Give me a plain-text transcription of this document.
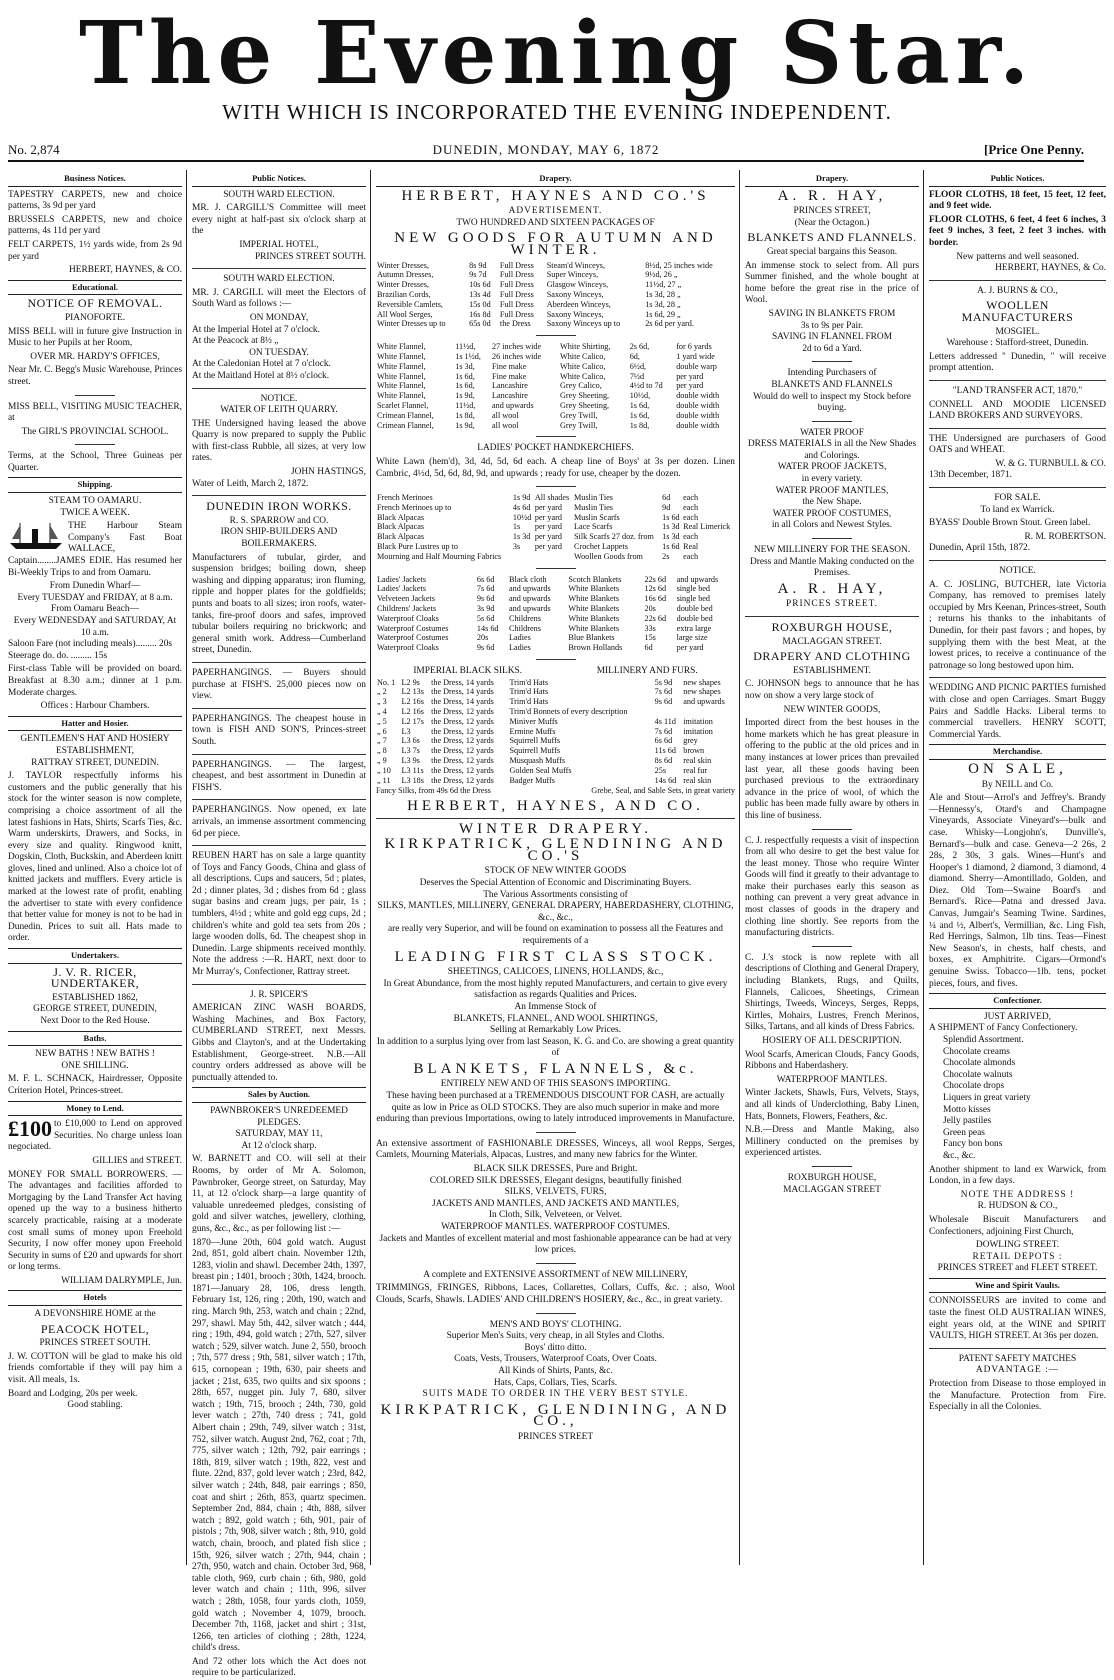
The Evening Star.
WITH WHICH IS INCORPORATED THE EVENING INDEPENDENT.
No. 2,874	DUNEDIN, MONDAY, MAY 6, 1872	[Price One Penny.
Business Notices.

TAPESTRY CARPETS, new and choice patterns, 3s 9d per yard

BRUSSELS CARPETS, new and choice patterns, 4s 11d per yard

FELT CARPETS, 1½ yards wide, from 2s 9d per yard

HERBERT, HAYNES, & CO.
Educational.
NOTICE OF REMOVAL.
PIANOFORTE.

MISS BELL will in future give Instruction in Music to her Pupils at her Room,

OVER MR. HARDY'S OFFICES,

Near Mr. C. Begg's Music Warehouse, Princes street.

MISS BELL, VISITING MUSIC TEACHER, at

The GIRL'S PROVINCIAL SCHOOL.

Terms, at the School, Three Guineas per Quarter.

Shipping.
STEAM TO OAMARU.
TWICE A WEEK.

THE Harbour Steam Company's Fast Boat WALLACE, Captain........JAMES EDIE. Has resumed her Bi-Weekly Trips to and from Oamaru.

From Dunedin Wharf—
Every TUESDAY and FRIDAY, at 8 a.m.
From Oamaru Beach—
Every WEDNESDAY and SATURDAY, At 10 a.m.
Saloon Fare (not including meals)......... 20s
Steerage do. do. ......... 15s

First-class Table will be provided on board. Breakfast at 8.30 a.m.; dinner at 1 p.m. Moderate charges.

Offices : Harbour Chambers.
Hatter and Hosier.
GENTLEMEN'S HAT AND HOSIERY ESTABLISHMENT,
RATTRAY STREET, DUNEDIN.

J. TAYLOR respectfully informs his customers and the public generally that his stock for the winter season is now complete, comprising a choice assortment of all the latest fashions in Hats, Shirts, Scarfs Ties, &c. Warm underskirts, Drawers, and Socks, in every size and quality. Ringwood knitt, Dogskin, Cloth, Buckskin, and Aberdeen knitt gloves, lined and unlined. Also a choice lot of knitted jackets and mufflers. Every article is marked at the lowest rate of profit, enabling the advertiser to state with every confidence that better value for money is not to be had in Dunedin. Prices to suit all. Hats made to order.

Undertakers.
J. V. R. RICER, UNDERTAKER,
ESTABLISHED 1862,
GEORGE STREET, DUNEDIN,
Next Door to the Red House.
Baths.
NEW BATHS ! NEW BATHS !
ONE SHILLING.

M. F. L. SCHNACK, Hairdresser, Opposite Criterion Hotel, Princes-street.

Money to Lend.

£100 to £10,000 to Lend on approved Securities. No charge unless loan negociated.

GILLIES and STREET.

MONEY FOR SMALL BORROWERS. —The advantages and facilities afforded to Mortgaging by the Land Transfer Act having opened up the way to a business hitherto scarcely practicable, raising at a moderate cost small sums of money upon Freehold Security, I now offer money upon Freehold Security in sums of £20 and upwards for short or long terms.

WILLIAM DALRYMPLE, Jun.
Hotels
A DEVONSHIRE HOME at the
PEACOCK HOTEL,
PRINCES STREET SOUTH.

J. W. COTTON will be glad to make his old friends comfortable if they will pay him a visit. All meals, 1s.

Board and Lodging, 20s per week.
Good stabling.
Public Notices.
SOUTH WARD ELECTION.

MR. J. CARGILL'S Committee will meet every night at half-past six o'clock sharp at the

IMPERIAL HOTEL,
PRINCES STREET SOUTH.
SOUTH WARD ELECTION.

MR. J. CARGILL will meet the Electors of South Ward as follows :—

ON MONDAY,
At the Imperial Hotel at 7 o'clock.
At the Peacock at 8½ „
ON TUESDAY.
At the Caledonian Hotel at 7 o'clock.
At the Maitland Hotel at 8½ o'clock.
NOTICE.
WATER OF LEITH QUARRY.

THE Undersigned having leased the above Quarry is now prepared to supply the Public with first-class Rubble, all sizes, at very low rates.

JOHN HASTINGS,
Water of Leith, March 2, 1872.
DUNEDIN IRON WORKS.
R. S. SPARROW and CO.
IRON SHIP-BUILDERS AND BOILERMAKERS.

Manufacturers of tubular, girder, and suspension bridges; boiling down, sheep washing and dipping apparatus; iron fluming, ripple and hopper plates for the goldfields; punts and boats to all sizes; iron roofs, water-tanks, fire-proof doors and safes, improved tubular boilers requiring no brickwork; and general smith work. Address—Cumberland street, Dunedin.

PAPERHANGINGS. — Buyers should purchase at FISH'S. 25,000 pieces now on view.

PAPERHANGINGS. The cheapest house in town is FISH AND SON'S, Princes-street South.

PAPERHANGINGS. — The largest, cheapest, and best assortment in Dunedin at FISH'S.

PAPERHANGINGS. Now opened, ex late arrivals, an immense assortment commencing 6d per piece.

REUBEN HART has on sale a large quantity of Toys and Fancy Goods, China and glass of all descriptions. Cups and saucers, 5d ; plates, 2d ; dinner plates, 3d ; dishes from 6d ; glass sugar basins and cream jugs, per pair, 1s ; tumblers, 4½d ; white and gold egg cups, 2d ; children's white and gold tea sets from 20s ; large wooden dolls, 6d. The cheapest shop in Dunedin. Large shipments received monthly. Note the address :—R. HART, next door to Mr Murray's, Confectioner, Rattray street.

J. R. SPICER'S

AMERICAN ZINC WASH BOARDS, Washing Machines, and Box Factory, CUMBERLAND STREET, next Messrs. Gibbs and Clayton's, and at the Undertaking Establishment, George-street. N.B.—All country orders addressed as above will be punctually attended to.

Sales by Auction.
PAWNBROKER'S UNREDEEMED PLEDGES.
SATURDAY, MAY 11,
At 12 o'clock sharp.

W. BARNETT and CO. will sell at their Rooms, by order of Mr A. Solomon, Pawnbroker, George street, on Saturday, May 11, at 12 o'clock sharp—a large quantity of valuable unredeemed pledges, consisting of gold and silver watches, jewellery, clothing, guns, &c., &c., as per following list :—

1870—June 20th, 604 gold watch. August 2nd, 851, gold albert chain. November 12th, 1283, violin and shawl. December 24th, 1397, breast pin ; 1401, brooch ; 30th, 1424, brooch. 1871—January 28, 106, dress length. February 1st, 126, ring ; 20th, 190, watch and ring. March 9th, 253, watch and chain ; 22nd, 297, shawl. May 5th, 442, silver watch ; 444, ring ; 19th, 494, gold watch ; 27th, 527, silver watch ; 529, silver watch. June 2, 550, brooch ; 7th, 577 dress ; 9th, 581, silver watch ; 17th, 615, cornopean ; 19th, 630, pair sheets and jacket ; 21st, 635, two quilts and six spoons ; 28th, 657, nugget pin. July 7, 680, silver watch ; 19th, 715, brooch ; 24th, 730, gold lever watch ; 27th, 740 dress ; 741, gold Albert chain ; 29th, 749, silver watch ; 31st, 752, silver watch. August 2nd, 762, coat ; 7th, 775, silver watch ; 12th, 792, pair earrings ; 18th, 819, silver watch ; 19th, 822, vest and flute. 22nd, 837, gold lever watch ; 23rd, 842, silver watch ; 24th, 848, pair earrings ; 850, coat and shirt ; 26th, 853, quartz specimen. September 2nd, 884, chain ; 4th, 888, silver watch ; 892, gold watch ; 6th, 901, pair of pistols ; 7th, 908, silver watch ; 8th, 910, gold watch, chain, brooch, and plated fish slice ; 15th, 926, silver watch ; 27th, 944, chain ; 27th, 950, watch and chain. October 3rd, 968, table cloth, 969, curb chain ; 6th, 980, gold lever watch and chain ; 11th, 996, silver watch ; 28th, 1058, four yards cloth, 1059, gold watch ; November 4, 1079, brooch. December 7th, 1168, jacket and shirt ; 31st, 1266, ten articles of clothing ; 28th, 1224, child's dress.

And 72 other lots which the Act does not require to be particularized.

Drapery.
HERBERT, HAYNES AND CO.'S
ADVERTISEMENT.
TWO HUNDRED AND SIXTEEN PACKAGES OF
NEW GOODS FOR AUTUMN AND WINTER.
Winter Dresses,	8s 9d	Full Dress	Steam'd Winceys,	8½d, 25 inches wide
Autumn Dresses,	9s 7d	Full Dress	Super Winceys,	9½d, 26 „
Winter Dresses,	10s 6d	Full Dress	Glasgow Winceys,	11½d, 27 „
Brazilian Cords,	13s 4d	Full Dress	Saxony Winceys,	1s 3d, 28 „
Reversible Camlets,	15s 0d	Full Dress	Aberdeen Winceys,	1s 3d, 28 „
All Wool Serges,	16s 8d	Full Dress	Saxony Winceys,	1s 6d, 29 „
Winter Dresses up to	65s 0d	the Dress	Saxony Winceys up to	2s 6d per yard.
White Flannel,	11½d,	27 inches wide	White Shirting,	2s 6d,	for 6 yards
White Flannel,	1s 1½d,	26 inches wide	White Calico,	6d,	1 yard wide
White Flannel,	1s 3d,	Fine make	White Calico,	6½d,	double warp
White Flannel,	1s 6d,	Fine make	White Calico,	7½d	per yard
White Flannel,	1s 6d,	Lancashire	Grey Calico,	4½d to 7d	per yard
White Flannel,	1s 9d,	Lancashire	Grey Sheeting,	10½d,	double width
Scarlet Flannel,	11½d,	and upwards	Grey Sheeting,	1s 6d,	double width
Crimean Flannel,	1s 8d,	all wool	Grey Twill,	1s 6d,	double width
Crimean Flannel,	1s 9d,	all wool	Grey Twill,	1s 8d,	double width
LADIES' POCKET HANDKERCHIEFS.

White Lawn (hem'd), 3d, 4d, 5d, 6d each. A cheap line of Boys' at 3s per dozen. Linen Cambric, 4½d, 5d, 6d, 8d, 9d, and upwards ; ready for use, cheaper by the dozen.

French Merinoes	1s 9d	All shades	Muslin Ties	6d	each
French Merinoes up to	4s 6d	per yard	Muslin Ties	9d	each
Black Alpacas	10½d	per yard	Muslin Scarfs	1s 6d	each
Black Alpacas	1s	per yard	Lace Scarfs	1s 3d	Real Limerick
Black Alpacas	1s 3d	per yard	Silk Scarfs 27 doz. from	1s 3d	each
Black Pure Lustres up to	3s	per yard	Crochet Lappets	1s 6d	Real
Mourning and Half Mourning Fabrics			Woollen Goods from	2s	each
Ladies' Jackets	6s 6d	Black cloth	Scotch Blankets	22s 6d	and upwards
Ladies' Jackets	7s 6d	and upwards	White Blankets	12s 6d	single bed
Velveteen Jackets	9s 6d	and upwards	White Blankets	16s 6d	single bed
Childrens' Jackets	3s 9d	and upwards	White Blankets	20s	double bed
Waterproof Cloaks	5s 6d	Childrens	White Blankets	22s 6d	double bed
Waterproof Costumes	14s 6d	Childrens	White Blankets	33s	extra large
Waterproof Costumes	20s	Ladies	Blue Blankets	15s	large size
Waterproof Cloaks	9s 6d	Ladies	Brown Hollands	6d	per yard
IMPERIAL BLACK SILKS.	MILLINERY AND FURS.
No. 1	L2 9s	the Dress, 14 yards	Trim'd Hats	5s 9d	new shapes
„ 2	L2 13s	the Dress, 14 yards	Trim'd Hats	7s 6d	new shapes
„ 3	L2 16s	the Dress, 14 yards	Trim'd Hats	9s 6d	and upwards
„ 4	L2 16s	the Dress, 12 yards	Trim'd Bonnets of every description		
„ 5	L2 17s	the Dress, 12 yards	Miniver Muffs	4s 11d	imitation
„ 6	L3	the Dress, 12 yards	Ermine Muffs	7s 6d	imitation
„ 7	L3 6s	the Dress, 12 yards	Squirrell Muffs	6s 6d	grey
„ 8	L3 7s	the Dress, 12 yards	Squirrell Muffs	11s 6d	brown
„ 9	L3 9s	the Dress, 12 yards	Musquash Muffs	8s 6d	real skin
„ 10	L3 11s	the Dress, 12 yards	Golden Seal Muffs	25s	real fur
„ 11	L3 18s	the Dress, 12 yards	Badger Muffs	14s 6d	real skin
Fancy Silks, from 49s 6d the Dress	Grebe, Seal, and Sable Sets, in great variety
HERBERT, HAYNES, AND CO.
WINTER DRAPERY.
KIRKPATRICK, GLENDINING AND CO.'S
STOCK OF NEW WINTER GOODS
Deserves the Special Attention of Economic and Discriminating Buyers.
The Various Assortments consisting of
SILKS, MANTLES, MILLINERY, GENERAL DRAPERY, HABERDASHERY, CLOTHING, &c., &c.,
are really very Superior, and will be found on examination to possess all the Features and requirements of a
LEADING FIRST CLASS STOCK.
SHEETINGS, CALICOES, LINENS, HOLLANDS, &c.,
In Great Abundance, from the most highly reputed Manufacturers, and certain to give every satisfaction as regards Qualities and Prices.
An Immense Stock of
BLANKETS, FLANNEL, AND WOOL SHIRTINGS,
Selling at Remarkably Low Prices.
In addition to a surplus lying over from last Season, K. G. and Co. are showing a great quantity of
BLANKETS, FLANNELS, &c.
ENTIRELY NEW AND OF THIS SEASON'S IMPORTING.
These having been purchased at a TREMENDOUS DISCOUNT FOR CASH, are actually quite as low in Price as OLD STOCKS. They are also much superior in make and more enduring than previous Importations, owing to lately introduced improvements in Manufacture.

An extensive assortment of FASHIONABLE DRESSES, Winceys, all wool Repps, Serges, Camlets, Mourning Materials, Alpacas, Lustres, and many new fabrics for the Winter.

BLACK SILK DRESSES, Pure and Bright.
COLORED SILK DRESSES, Elegant designs, beautifully finished
SILKS, VELVETS, FURS,
JACKETS AND MANTLES, AND JACKETS AND MANTLES,
In Cloth, Silk, Velveteen, or Velvet.
WATERPROOF MANTLES. WATERPROOF COSTUMES.
Jackets and Mantles of excellent material and most fashionable appearance can be had at very low prices.
A complete and EXTENSIVE ASSORTMENT of NEW MILLINERY,

TRIMMINGS, FRINGES, Ribbons, Laces, Collarettes, Collars, Cuffs, &c. ; also, Wool Clouds, Scarfs, Shawls. LADIES' AND CHILDREN'S HOSIERY, &c., &c., in great variety.

MEN'S AND BOYS' CLOTHING.
Superior Men's Suits, very cheap, in all Styles and Cloths.
Boys' ditto ditto.
Coats, Vests, Trousers, Waterproof Coats, Over Coats.
All Kinds of Shirts, Pants, &c.
Hats, Caps, Collars, Ties, Scarfs.
SUITS MADE TO ORDER IN THE VERY BEST STYLE.
KIRKPATRICK, GLENDINING, AND CO.,
PRINCES STREET
Drapery.
A. R. HAY,
PRINCES STREET,
(Near the Octagon.)
BLANKETS AND FLANNELS.
Great special bargains this Season.

An immense stock to select from. All purs Summer finished, and the whole bought at home before the great rise in the price of Wool.

SAVING IN BLANKETS FROM
3s to 9s per Pair.
SAVING IN FLANNEL FROM
2d to 6d a Yard.
Intending Purchasers of
BLANKETS AND FLANNELS
Would do well to inspect my Stock before buying.
WATER PROOF
DRESS MATERIALS in all the New Shades and Colorings.
WATER PROOF JACKETS,
in every variety.
WATER PROOF MANTLES,
the New Shape.
WATER PROOF COSTUMES,
in all Colors and Newest Styles.
NEW MILLINERY FOR THE SEASON.
Dress and Mantle Making conducted on the Premises.
A. R. HAY,
PRINCES STREET.
ROXBURGH HOUSE,
MACLAGGAN STREET.
DRAPERY AND CLOTHING
ESTABLISHMENT.

C. JOHNSON begs to announce that he has now on show a very large stock of

NEW WINTER GOODS,

Imported direct from the best houses in the home markets which he has great pleasure in offering to the public at the old prices and in many instances at lower prices than prevailed last year, all these goods having been purchased previous to the extraordinary advance in the price of wool, of which the public has been made fully aware by others in this line of business.

C. J. respectfully requests a visit of inspection from all who desire to get the best value for the least money. Those who require Winter Goods will find it greatly to their advantage to make their purchases early this season as nothing can prevent a very great advance in most classes of goods in the drapery and clothing line shortly. See reports from the manufacturing districts.

C. J.'s stock is now replete with all descriptions of Clothing and General Drapery, including Blankets, Rugs, and Quilts, Flannels, Calicoes, Sheetings, Crimean Shirtings, Tweeds, Winceys, Serges, Repps, Kirtles, Mohairs, Lustres, French Merinos, Silks, Tartans, and all kinds of Dress Fabrics.

HOSIERY OF ALL DESCRIPTION.

Wool Scarfs, American Clouds, Fancy Goods, Ribbons and Haberdashery.

WATERPROOF MANTLES.

Winter Jackets, Shawls, Furs, Velvets, Stays, and all kinds of Underclothing, Baby Linen, Hats, Bonnets, Flowers, Feathers, &c.

N.B.—Dress and Mantle Making, also Millinery conducted on the premises by experienced artistes.

ROXBURGH HOUSE,
MACLAGGAN STREET
Public Notices.

FLOOR CLOTHS, 18 feet, 15 feet, 12 feet, and 9 feet wide.

FLOOR CLOTHS, 6 feet, 4 feet 6 inches, 3 feet 9 inches, 3 feet, 2 feet 3 inches. with border.

New patterns and well seasoned.
HERBERT, HAYNES, & Co.
A. J. BURNS & CO.,
WOOLLEN MANUFACTURERS
MOSGIEL.
Warehouse : Stafford-street, Dunedin.

Letters addressed " Dunedin, " will receive prompt attention.

"LAND TRANSFER ACT, 1870."

CONNELL AND MOODIE LICENSED LAND BROKERS AND SURVEYORS.

THE Undersigned are purchasers of Good OATS and WHEAT.

W. & G. TURNBULL & CO.
13th December, 1871.
FOR SALE.
To land ex Warrick.

BYASS' Double Brown Stout. Green label.

R. M. ROBERTSON.
Dunedin, April 15th, 1872.
NOTICE.

A. C. JOSLING, BUTCHER, late Victoria Company, has removed to premises lately occupied by Mrs Keenan, Princes-street, South ; returns his thanks to the inhabitants of Dunedin, for their past favors ; and hopes, by supplying them with the best Meat, at the lowest prices, to receive a continuance of the patronage so long bestowed upon him.

WEDDING AND PICNIC PARTIES furnished with close and open Carriages. Smart Buggy Pairs and Saddle Hacks. Liberal terms to commercial travellers. HENRY SCOTT, Commercial Yards.

Merchandise.
ON SALE,
By NEILL and Co.

Ale and Stout—Arrol's and Jeffrey's. Brandy—Hennessy's, Otard's and Champagne Vineyards, Associate Vineyard's—bulk and case. Whisky—Longjohn's, Dunville's, Bernard's—bulk and case. Geneva—2 26s, 2 28s, 2 30s, 3 gals. Wines—Hunt's and Hooper's 1 diamond, 2 diamond, 3 diamond, 4 diamond. Sherry—Amontillado, Golden, and Diez. Old Tom—Swaine Board's and Bernard's. Rice—Patna and dressed Java. Canvas, Jumgair's Seaming Twine. Sardines, ¼ and ½, Albert's, Vermillian, &c. Ling Fish, Red Herrings, Salmon, 1lb tins. Teas—Finest New Season's, in chests, half chests, and boxes, ex Amphitrite. Cigars—Ormond's genuine Swiss. Tobacco—1lb. tens, pocket pieces, fours, and fives.

Confectioner.
JUST ARRIVED,
A SHIPMENT of Fancy Confectionery.
Splendid Assortment.
Chocolate creams
Chocolate almonds
Chocolate walnuts
Chocolate drops
Liquers in great variety
Motto kisses
Jelly pastiles
Green peas
Fancy bon bons
&c., &c.

Another shipment to land ex Warwick, from London, in a few days.

NOTE THE ADDRESS !
R. HUDSON & CO.,

Wholesale Biscuit Manufacturers and Confectioners, adjoining First Church,

DOWLING STREET.
RETAIL DEPOTS :
PRINCES STREET and FLEET STREET.
Wine and Spirit Vaults.

CONNOISSEURS are invited to come and taste the finest OLD AUSTRALIAN WINES, eight years old, at the WINE and SPIRIT VAULTS, HIGH STREET. At 36s per dozen.

PATENT SAFETY MATCHES
ADVANTAGE :—

Protection from Disease to those employed in the Manufacture. Protection from Fire. Especially in all the Colonies.
